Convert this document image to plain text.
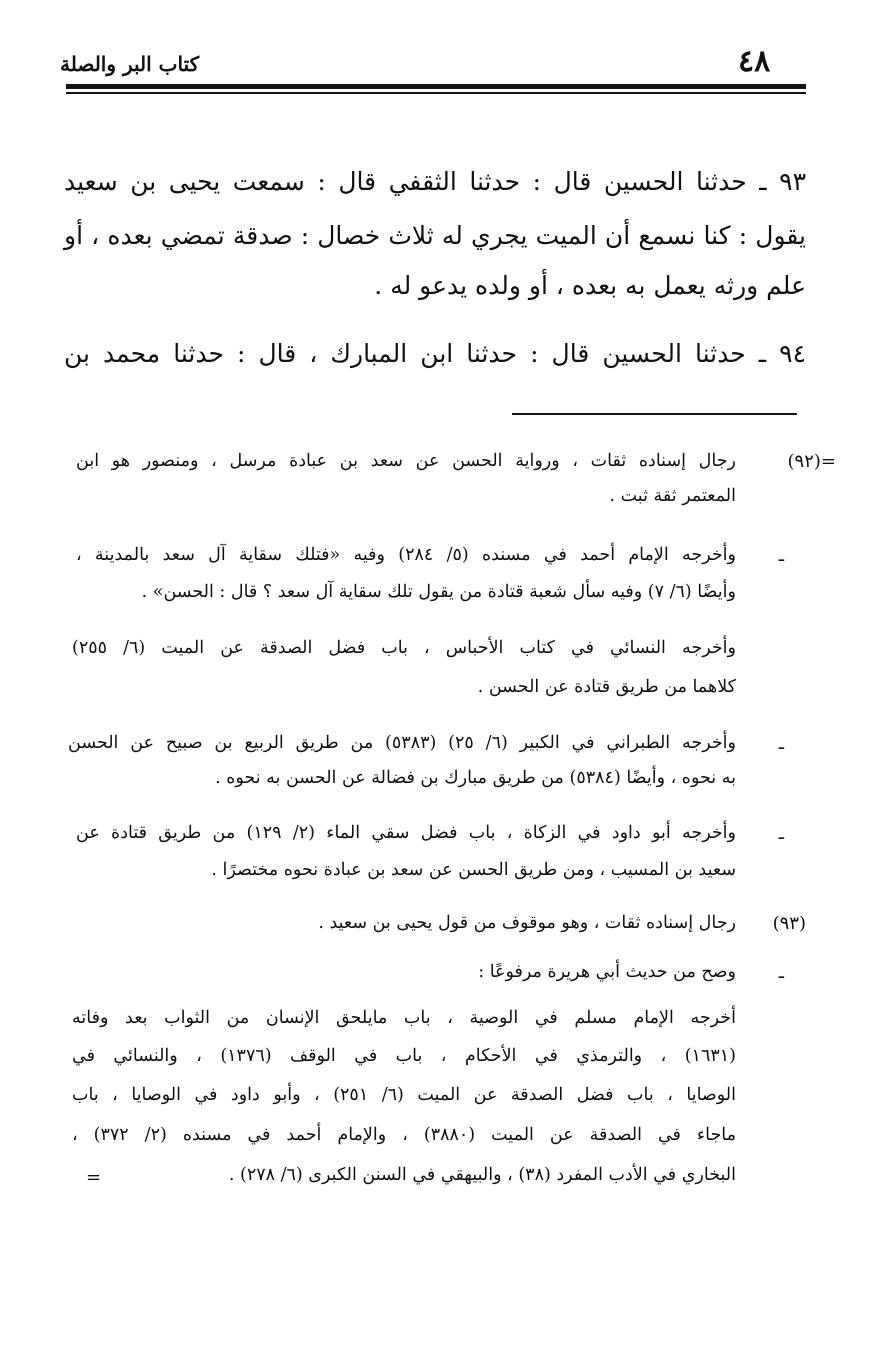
٤٨
كتاب البر والصلة
٩٣ ـ حدثنا الحسين قال : حدثنا الثقفي قال : سمعت يحيى بن سعيد
يقول : كنا نسمع أن الميت يجري له ثلاث خصال : صدقة تمضي بعده ، أو
علم ورثه يعمل به بعده ، أو ولده يدعو له .
٩٤ ـ حدثنا الحسين قال : حدثنا ابن المبارك ، قال : حدثنا محمد بن
=(٩٢)
رجال إسناده ثقات ، ورواية الحسن عن سعد بن عبادة مرسل ، ومنصور هو ابن
المعتمر ثقة ثبت .
ـ
وأخرجه الإمام أحمد في مسنده (٥/ ٢٨٤) وفيه «فتلك سقاية آل سعد بالمدينة ،
وأيضًا (٦/ ٧) وفيه سأل شعبة قتادة من يقول تلك سقاية آل سعد ؟ قال : الحسن» .
وأخرجه النسائي في كتاب الأحباس ، باب فضل الصدقة عن الميت (٦/ ٢٥٥)
كلاهما من طريق قتادة عن الحسن .
ـ
وأخرجه الطبراني في الكبير (٦/ ٢٥) (٥٣٨٣) من طريق الربيع بن صبيح عن الحسن
به نحوه ، وأيضًا (٥٣٨٤) من طريق مبارك بن فضالة عن الحسن به نحوه .
ـ
وأخرجه أبو داود في الزكاة ، باب فضل سقي الماء (٢/ ١٢٩) من طريق قتادة عن
سعيد بن المسيب ، ومن طريق الحسن عن سعد بن عبادة نحوه مختصرًا .
(٩٣)
رجال إسناده ثقات ، وهو موقوف من قول يحيى بن سعيد .
ـ
وصح من حديث أبي هريرة مرفوعًا :
أخرجه الإمام مسلم في الوصية ، باب مايلحق الإنسان من الثواب بعد وفاته
(١٦٣١) ، والترمذي في الأحكام ، باب في الوقف (١٣٧٦) ، والنسائي في
الوصايا ، باب فضل الصدقة عن الميت (٦/ ٢٥١) ، وأبو داود في الوصايا ، باب
ماجاء في الصدقة عن الميت (٣٨٨٠) ، والإمام أحمد في مسنده (٢/ ٣٧٢) ،
البخاري في الأدب المفرد (٣٨) ، والبيهقي في السنن الكبرى (٦/ ٢٧٨) .
=
